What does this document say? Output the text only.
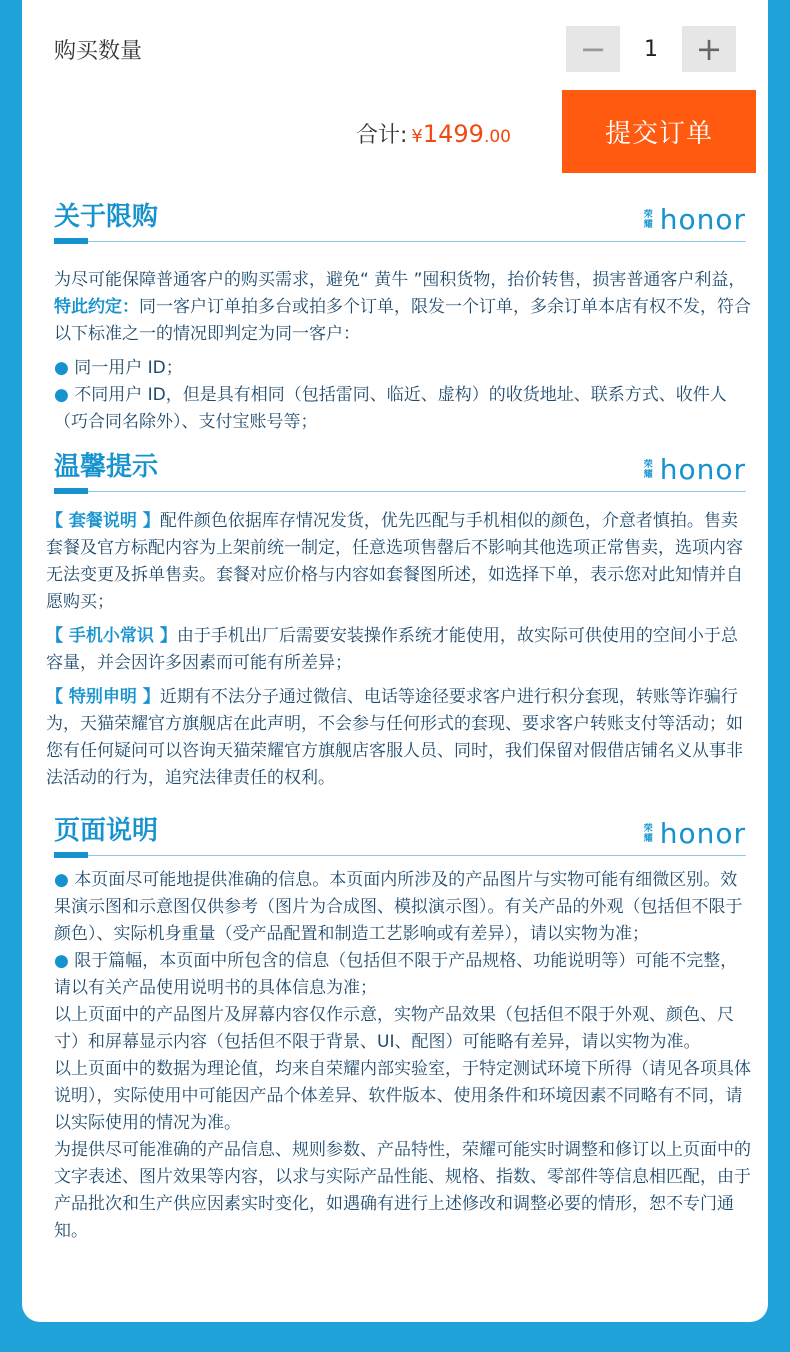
购买数量	−	1	+
合计: ¥1499.00	提交订单
关于限购	荣耀 honor

为尽可能保障普通客户的购买需求，避免“ 黄牛 ”囤积货物，抬价转售，损害普通客户利益，特此约定：同一客户订单拍多台或拍多个订单，限发一个订单，多余订单本店有权不发，符合以下标准之一的情况即判定为同一客户：

● 同一用户 ID；

● 不同用户 ID，但是具有相同（包括雷同、临近、虚构）的收货地址、联系方式、收件人（巧合同名除外）、支付宝账号等；

温馨提示	荣耀 honor

【 套餐说明 】配件颜色依据库存情况发货，优先匹配与手机相似的颜色，介意者慎拍。售卖套餐及官方标配内容为上架前统一制定，任意选项售罄后不影响其他选项正常售卖，选项内容无法变更及拆单售卖。套餐对应价格与内容如套餐图所述，如选择下单，表示您对此知情并自愿购买；

【 手机小常识 】由于手机出厂后需要安装操作系统才能使用，故实际可供使用的空间小于总容量，并会因许多因素而可能有所差异；

【 特别申明 】近期有不法分子通过微信、电话等途径要求客户进行积分套现，转账等诈骗行为，天猫荣耀官方旗舰店在此声明，不会参与任何形式的套现、要求客户转账支付等活动；如您有任何疑问可以咨询天猫荣耀官方旗舰店客服人员、同时，我们保留对假借店铺名义从事非法活动的行为，追究法律责任的权利。

页面说明	荣耀 honor

● 本页面尽可能地提供准确的信息。本页面内所涉及的产品图片与实物可能有细微区别。效果演示图和示意图仅供参考（图片为合成图、模拟演示图）。有关产品的外观（包括但不限于颜色）、实际机身重量（受产品配置和制造工艺影响或有差异），请以实物为准；

● 限于篇幅，本页面中所包含的信息（包括但不限于产品规格、功能说明等）可能不完整，请以有关产品使用说明书的具体信息为准；

以上页面中的产品图片及屏幕内容仅作示意，实物产品效果（包括但不限于外观、颜色、尺寸）和屏幕显示内容（包括但不限于背景、UI、配图）可能略有差异，请以实物为准。

以上页面中的数据为理论值，均来自荣耀内部实验室，于特定测试环境下所得（请见各项具体说明），实际使用中可能因产品个体差异、软件版本、使用条件和环境因素不同略有不同，请以实际使用的情况为准。

为提供尽可能准确的产品信息、规则参数、产品特性，荣耀可能实时调整和修订以上页面中的文字表述、图片效果等内容，以求与实际产品性能、规格、指数、零部件等信息相匹配，由于产品批次和生产供应因素实时变化，如遇确有进行上述修改和调整必要的情形，恕不专门通知。
